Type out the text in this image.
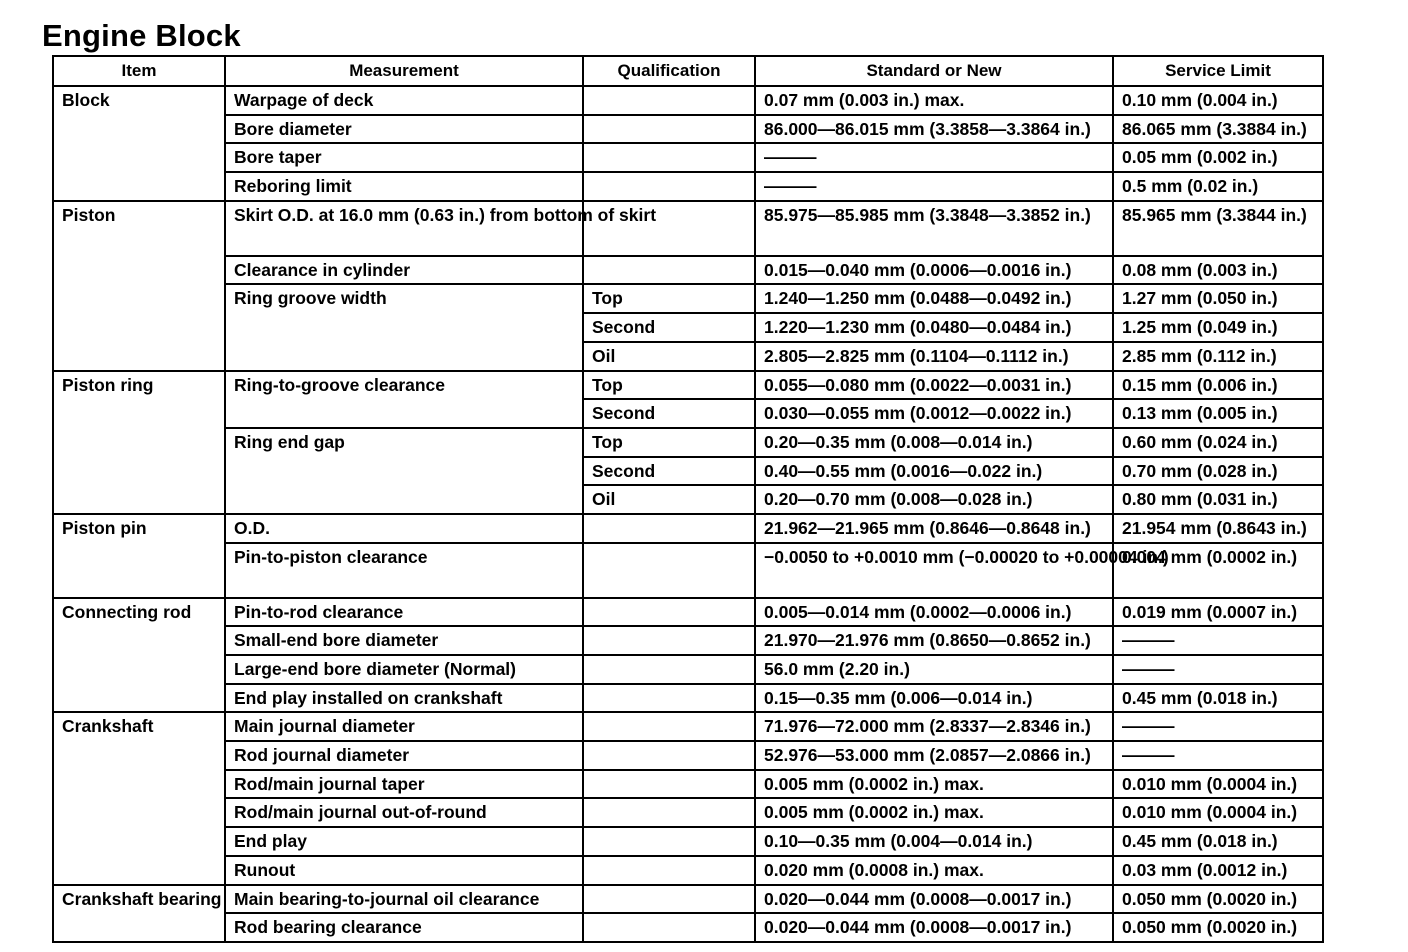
Engine Block
Item	Measurement	Qualification	Standard or New	Service Limit
Block	Warpage of deck		0.07 mm (0.003 in.) max.	0.10 mm (0.004 in.)
	Bore diameter		86.000—86.015 mm (3.3858—3.3864 in.)	86.065 mm (3.3884 in.)
	Bore taper		———	0.05 mm (0.002 in.)
	Reboring limit		———	0.5 mm (0.02 in.)
Piston	Skirt O.D. at 16.0 mm (0.63 in.) from bottom of skirt		85.975—85.985 mm (3.3848—3.3852 in.)	85.965 mm (3.3844 in.)
	Clearance in cylinder		0.015—0.040 mm (0.0006—0.0016 in.)	0.08 mm (0.003 in.)
	Ring groove width	Top	1.240—1.250 mm (0.0488—0.0492 in.)	1.27 mm (0.050 in.)
		Second	1.220—1.230 mm (0.0480—0.0484 in.)	1.25 mm (0.049 in.)
		Oil	2.805—2.825 mm (0.1104—0.1112 in.)	2.85 mm (0.112 in.)
Piston ring	Ring-to-groove clearance	Top	0.055—0.080 mm (0.0022—0.0031 in.)	0.15 mm (0.006 in.)
		Second	0.030—0.055 mm (0.0012—0.0022 in.)	0.13 mm (0.005 in.)
	Ring end gap	Top	0.20—0.35 mm (0.008—0.014 in.)	0.60 mm (0.024 in.)
		Second	0.40—0.55 mm (0.0016—0.022 in.)	0.70 mm (0.028 in.)
		Oil	0.20—0.70 mm (0.008—0.028 in.)	0.80 mm (0.031 in.)
Piston pin	O.D.		21.962—21.965 mm (0.8646—0.8648 in.)	21.954 mm (0.8643 in.)
	Pin-to-piston clearance		−0.0050 to +0.0010 mm (−0.00020 to +0.00004 in.)	0.004 mm (0.0002 in.)
Connecting rod	Pin-to-rod clearance		0.005—0.014 mm (0.0002—0.0006 in.)	0.019 mm (0.0007 in.)
	Small-end bore diameter		21.970—21.976 mm (0.8650—0.8652 in.)	———
	Large-end bore diameter (Normal)		56.0 mm (2.20 in.)	———
	End play installed on crankshaft		0.15—0.35 mm (0.006—0.014 in.)	0.45 mm (0.018 in.)
Crankshaft	Main journal diameter		71.976—72.000 mm (2.8337—2.8346 in.)	———
	Rod journal diameter		52.976—53.000 mm (2.0857—2.0866 in.)	———
	Rod/main journal taper		0.005 mm (0.0002 in.) max.	0.010 mm (0.0004 in.)
	Rod/main journal out-of-round		0.005 mm (0.0002 in.) max.	0.010 mm (0.0004 in.)
	End play		0.10—0.35 mm (0.004—0.014 in.)	0.45 mm (0.018 in.)
	Runout		0.020 mm (0.0008 in.) max.	0.03 mm (0.0012 in.)
Crankshaft bearing	Main bearing-to-journal oil clearance		0.020—0.044 mm (0.0008—0.0017 in.)	0.050 mm (0.0020 in.)
	Rod bearing clearance		0.020—0.044 mm (0.0008—0.0017 in.)	0.050 mm (0.0020 in.)
